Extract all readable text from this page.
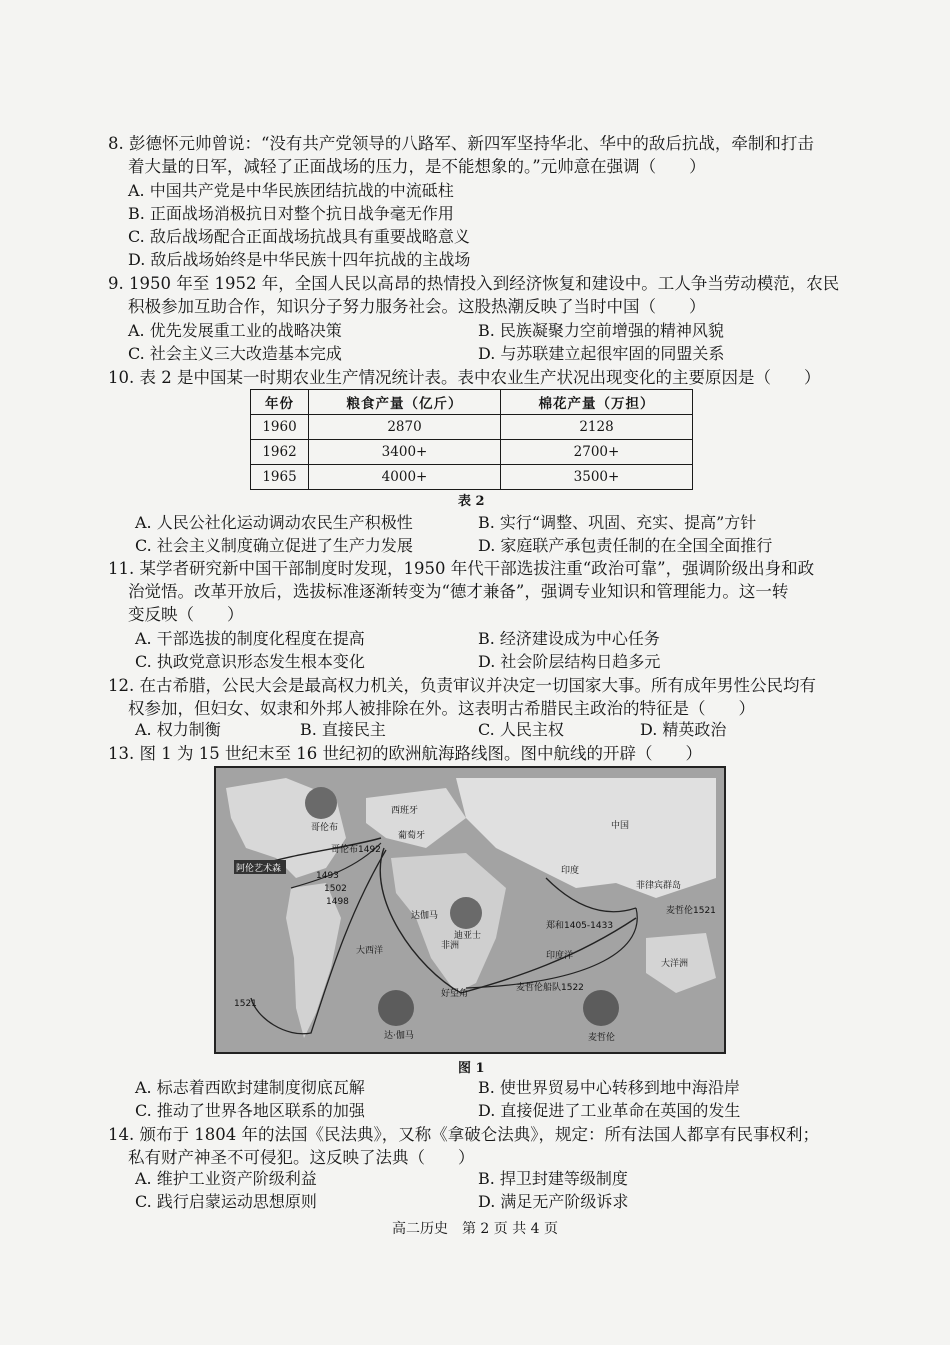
8. 彭德怀元帅曾说：“没有共产党领导的八路军、新四军坚持华北、华中的敌后抗战，牵制和打击
着大量的日军，减轻了正面战场的压力，是不能想象的。”元帅意在强调（　　）
A. 中国共产党是中华民族团结抗战的中流砥柱
B. 正面战场消极抗日对整个抗日战争毫无作用
C. 敌后战场配合正面战场抗战具有重要战略意义
D. 敌后战场始终是中华民族十四年抗战的主战场
9. 1950 年至 1952 年，全国人民以高昂的热情投入到经济恢复和建设中。工人争当劳动模范，农民
积极参加互助合作，知识分子努力服务社会。这股热潮反映了当时中国（　　）
A. 优先发展重工业的战略决策	B. 民族凝聚力空前增强的精神风貌
C. 社会主义三大改造基本完成	D. 与苏联建立起很牢固的同盟关系
10. 表 2 是中国某一时期农业生产情况统计表。表中农业生产状况出现变化的主要原因是（　　）
年份	粮食产量（亿斤）	棉花产量（万担）
1960	2870	2128
1962	3400+	2700+
1965	4000+	3500+
表 2
A. 人民公社化运动调动农民生产积极性	B. 实行“调整、巩固、充实、提高”方针
C. 社会主义制度确立促进了生产力发展	D. 家庭联产承包责任制的在全国全面推行
11. 某学者研究新中国干部制度时发现，1950 年代干部选拔注重“政治可靠”，强调阶级出身和政
治觉悟。改革开放后，选拔标准逐渐转变为“德才兼备”，强调专业知识和管理能力。这一转
变反映（　　）
A. 干部选拔的制度化程度在提高	B. 经济建设成为中心任务
C. 执政党意识形态发生根本变化	D. 社会阶层结构日趋多元
12. 在古希腊，公民大会是最高权力机关，负责审议并决定一切国家大事。所有成年男性公民均有
权参加，但妇女、奴隶和外邦人被排除在外。这表明古希腊民主政治的特征是（　　）
A. 权力制衡	B. 直接民主	C. 人民主权	D. 精英政治
13. 图 1 为 15 世纪末至 16 世纪初的欧洲航海路线图。图中航线的开辟（　　）
哥伦布
阿伦艺术森
西班牙
葡萄牙
哥伦布1492
1493
1502
1498
达伽马
非洲
印度
中国
菲律宾群岛
大西洋
麦哲伦1521
郑和1405-1433
好望角
麦哲伦船队1522
1521
迪亚士
达·伽马	麦哲伦
大洋洲
印度洋
图 1
A. 标志着西欧封建制度彻底瓦解	B. 使世界贸易中心转移到地中海沿岸
C. 推动了世界各地区联系的加强	D. 直接促进了工业革命在英国的发生
14. 颁布于 1804 年的法国《民法典》，又称《拿破仑法典》，规定：所有法国人都享有民事权利；
私有财产神圣不可侵犯。这反映了法典（　　）
A. 维护工业资产阶级利益	B. 捍卫封建等级制度
C. 践行启蒙运动思想原则	D. 满足无产阶级诉求
高二历史　第 2 页 共 4 页
